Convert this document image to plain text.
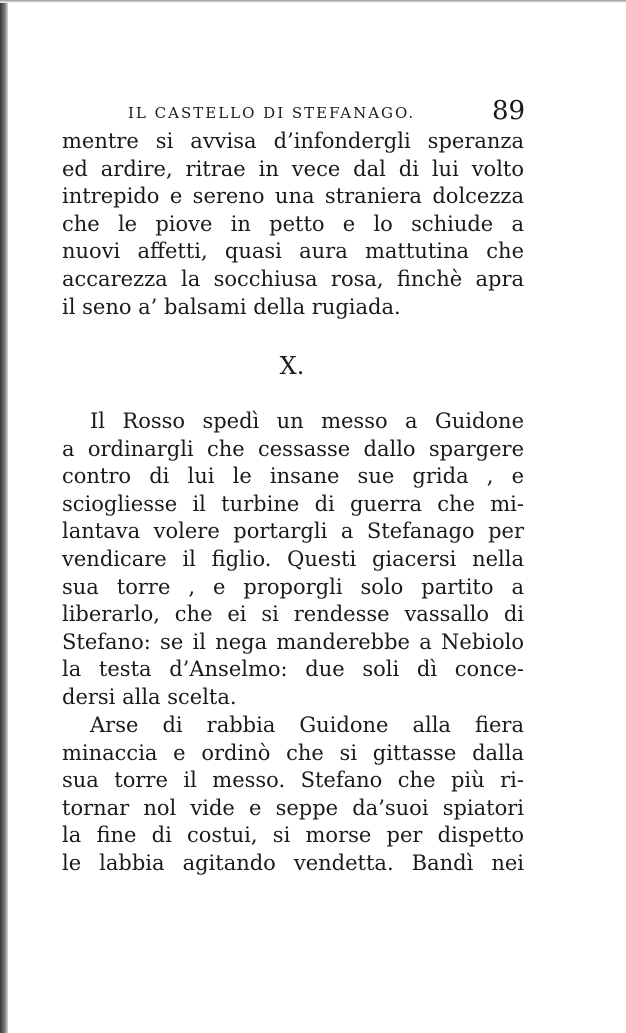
IL CASTELLO DI STEFANAGO.	89
mentre si avvisa d’infondergli speranza
ed ardire, ritrae in vece dal di lui volto
intrepido e sereno una straniera dolcezza
che le piove in petto e lo schiude a
nuovi affetti, quasi aura mattutina che
accarezza la socchiusa rosa, finchè apra
il seno a’ balsami della rugiada.
X.
Il Rosso spedì un messo a Guidone
a ordinargli che cessasse dallo spargere
contro di lui le insane sue grida , e
sciogliesse il turbine di guerra che mi-
lantava volere portargli a Stefanago per
vendicare il figlio. Questi giacersi nella
sua torre , e proporgli solo partito a
liberarlo, che ei si rendesse vassallo di
Stefano: se il nega manderebbe a Nebiolo
la testa d’Anselmo: due soli dì conce-
dersi alla scelta.
Arse di rabbia Guidone alla fiera
minaccia e ordinò che si gittasse dalla
sua torre il messo. Stefano che più ri-
tornar nol vide e seppe da’suoi spiatori
la fine di costui, si morse per dispetto
le labbia agitando vendetta. Bandì nei
